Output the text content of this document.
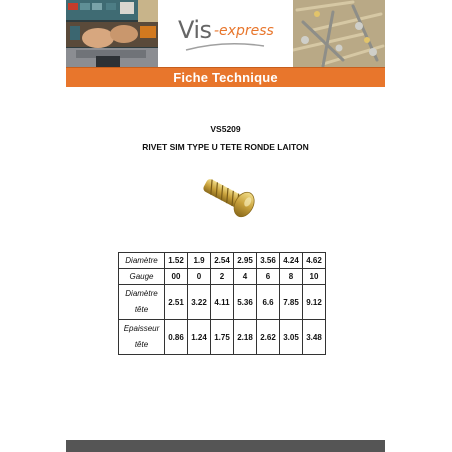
Vis -express
Fiche Technique
VS5209
RIVET SIM TYPE U TETE RONDE LAITON
Diamètre	1.52	1.9	2.54	2.95	3.56	4.24	4.62
Gauge	00	0	2	4	6	8	10

Diamètre
tête	2.51	3.22	4.11	5.36	6.6	7.85	9.12

Epaisseur
tête	0.86	1.24	1.75	2.18	2.62	3.05	3.48
